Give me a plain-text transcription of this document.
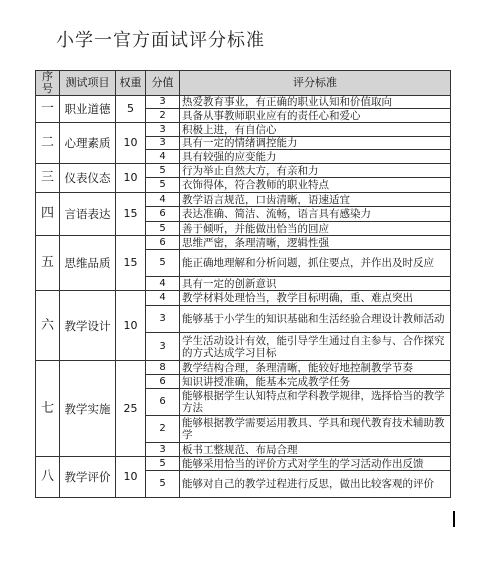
小学一官方面试评分标准
序号	测试项目	权重	分值	评分标准
一	职业道德	5	3	热爱教育事业，有正确的职业认知和价值取向
			2	具备从事教师职业应有的责任心和爱心
二	心理素质	10	3	积极上进，有自信心
			3	具有一定的情绪调控能力
			4	具有较强的应变能力
三	仪表仪态	10	5	行为举止自然大方，有亲和力
			5	衣饰得体，符合教师的职业特点
四	言语表达	15	4	教学语言规范，口齿清晰，语速适宜
			6	表达准确、简洁、流畅，语言具有感染力
			5	善于倾听，并能做出恰当的回应
五	思维品质	15	6	思维严密，条理清晰，逻辑性强
			5	能正确地理解和分析问题，抓住要点，并作出及时反应
			4	具有一定的创新意识
六	教学设计	10	4	教学材料处理恰当，教学目标明确，重、难点突出
			3	能够基于小学生的知识基础和生活经验合理设计教师活动
			3	学生活动设计有效，能引导学生通过自主参与、合作探究的方式达成学习目标
七	教学实施	25	8	教学结构合理，条理清晰，能较好地控制教学节奏
			6	知识讲授准确，能基本完成教学任务
			6	能够根据学生认知特点和学科教学规律，选择恰当的教学方法
			2	能够根据教学需要运用教具、学具和现代教育技术辅助教学
			3	板书工整规范、布局合理
八	教学评价	10	5	能够采用恰当的评价方式对学生的学习活动作出反馈
			5	能够对自己的教学过程进行反思，做出比较客观的评价
